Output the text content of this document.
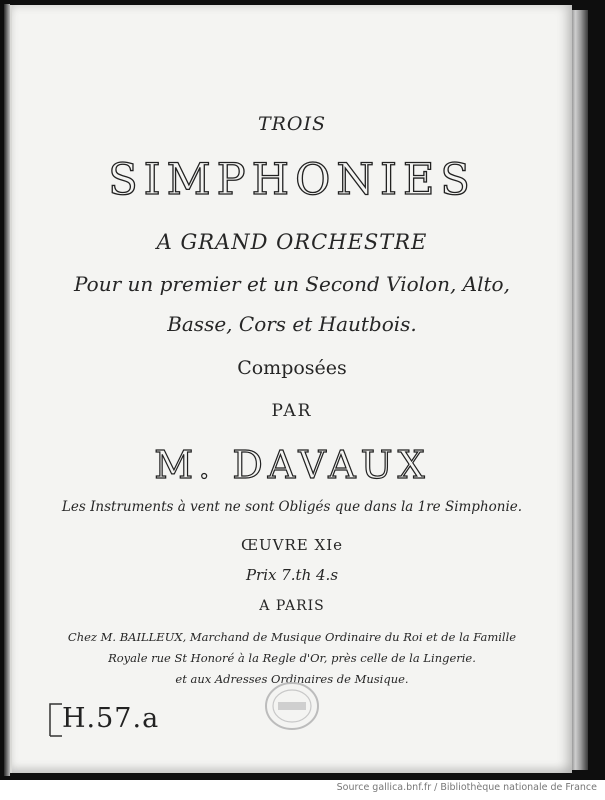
TROIS
SIMPHONIES
A GRAND ORCHESTRE
Pour un premier et un Second Violon, Alto,
Basse, Cors et Hautbois.
Composées
PAR
M. DAVAUX
Les Instruments à vent ne sont Obligés que dans la 1re Simphonie.
ŒUVRE XIe
Prix 7.th 4.s
A PARIS
Chez M. BAILLEUX, Marchand de Musique Ordinaire du Roi et de la Famille
Royale rue St Honoré à la Regle d'Or, près celle de la Lingerie.
et aux Adresses Ordinaires de Musique.
H.57.a
Source gallica.bnf.fr / Bibliothèque nationale de France
